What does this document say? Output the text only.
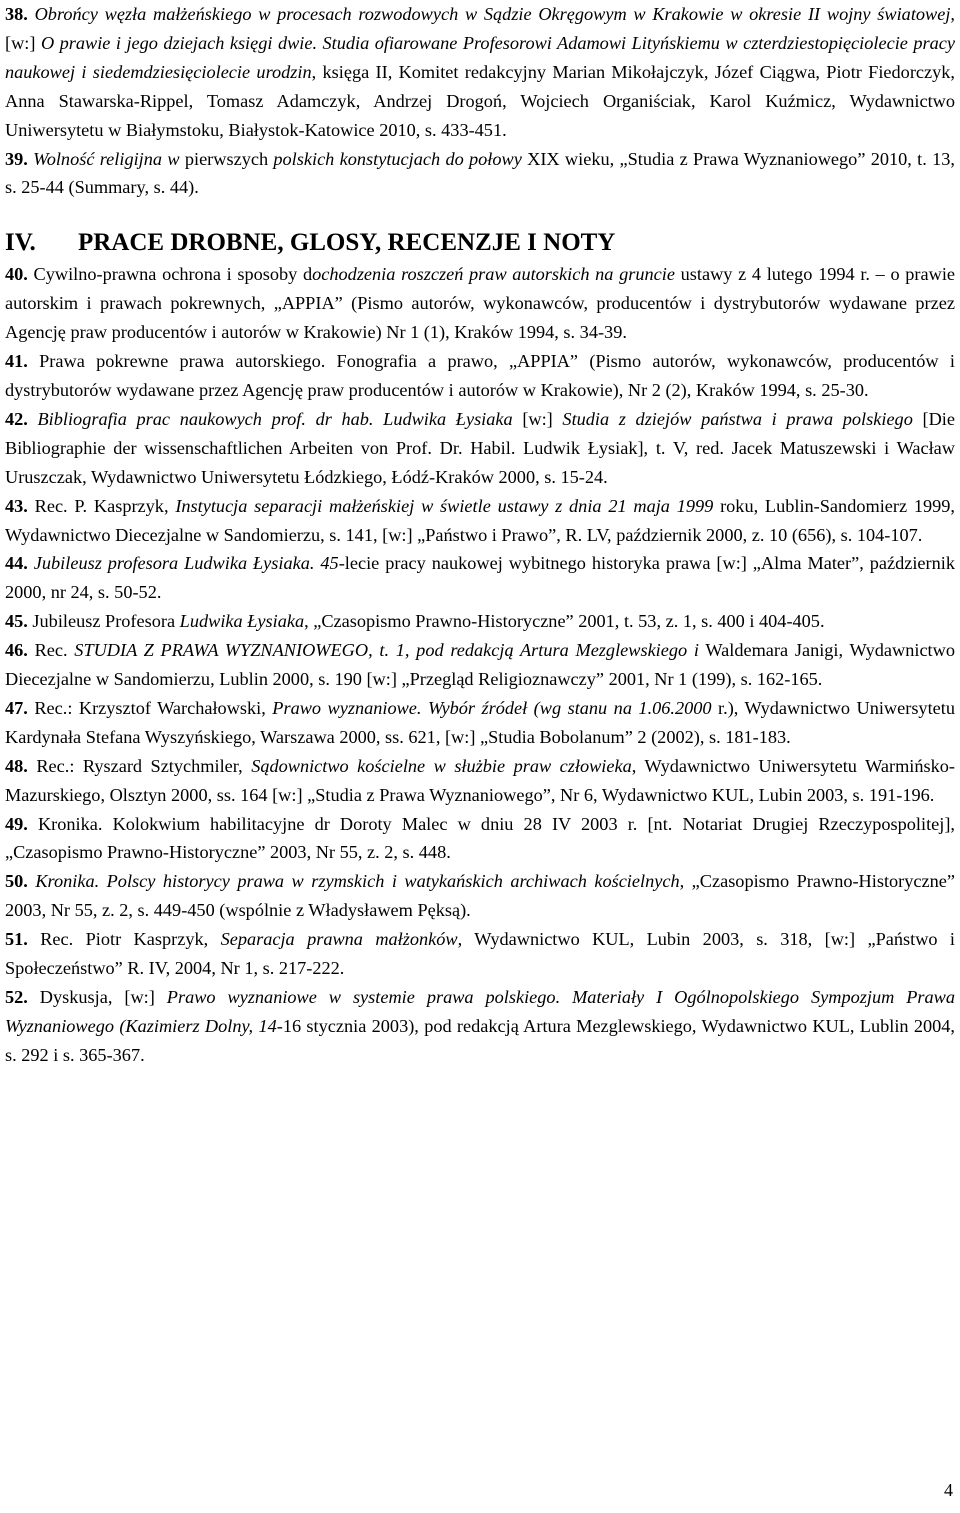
38. Obrońcy węzła małżeńskiego w procesach rozwodowych w Sądzie Okręgowym w Krakowie w okresie II wojny światowej, [w:] O prawie i jego dziejach księgi dwie. Studia ofiarowane Profesorowi Adamowi Lityńskiemu w czterdziestopięciolecie pracy naukowej i siedemdziesięciolecie urodzin, księga II, Komitet redakcyjny Marian Mikołajczyk, Józef Ciągwa, Piotr Fiedorczyk, Anna Stawarska-Rippel, Tomasz Adamczyk, Andrzej Drogoń, Wojciech Organiściak, Karol Kuźmicz, Wydawnictwo Uniwersytetu w Białymstoku, Białystok-Katowice 2010, s. 433-451.

39. Wolność religijna w pierwszych polskich konstytucjach do połowy XIX wieku, „Studia z Prawa Wyznaniowego” 2010, t. 13, s. 25-44 (Summary, s. 44).

IV. PRACE DROBNE, GLOSY, RECENZJE I NOTY

40. Cywilno-prawna ochrona i sposoby dochodzenia roszczeń praw autorskich na gruncie ustawy z 4 lutego 1994 r. – o prawie autorskim i prawach pokrewnych, „APPIA” (Pismo autorów, wykonawców, producentów i dystrybutorów wydawane przez Agencję praw producentów i autorów w Krakowie) Nr 1 (1), Kraków 1994, s. 34-39.

41. Prawa pokrewne prawa autorskiego. Fonografia a prawo, „APPIA” (Pismo autorów, wykonawców, producentów i dystrybutorów wydawane przez Agencję praw producentów i autorów w Krakowie), Nr 2 (2), Kraków 1994, s. 25-30.

42. Bibliografia prac naukowych prof. dr hab. Ludwika Łysiaka [w:] Studia z dziejów państwa i prawa polskiego [Die Bibliographie der wissenschaftlichen Arbeiten von Prof. Dr. Habil. Ludwik Łysiak], t. V, red. Jacek Matuszewski i Wacław Uruszczak, Wydawnictwo Uniwersytetu Łódzkiego, Łódź-Kraków 2000, s. 15-24.

43. Rec. P. Kasprzyk, Instytucja separacji małżeńskiej w świetle ustawy z dnia 21 maja 1999 roku, Lublin-Sandomierz 1999, Wydawnictwo Diecezjalne w Sandomierzu, s. 141, [w:] „Państwo i Prawo”, R. LV, październik 2000, z. 10 (656), s. 104-107.

44. Jubileusz profesora Ludwika Łysiaka. 45-lecie pracy naukowej wybitnego historyka prawa [w:] „Alma Mater”, październik 2000, nr 24, s. 50-52.

45. Jubileusz Profesora Ludwika Łysiaka, „Czasopismo Prawno-Historyczne” 2001, t. 53, z. 1, s. 400 i 404-405.

46. Rec. STUDIA Z PRAWA WYZNANIOWEGO, t. 1, pod redakcją Artura Mezglewskiego i Waldemara Janigi, Wydawnictwo Diecezjalne w Sandomierzu, Lublin 2000, s. 190 [w:] „Przegląd Religioznawczy” 2001, Nr 1 (199), s. 162-165.

47. Rec.: Krzysztof Warchałowski, Prawo wyznaniowe. Wybór źródeł (wg stanu na 1.06.2000 r.), Wydawnictwo Uniwersytetu Kardynała Stefana Wyszyńskiego, Warszawa 2000, ss. 621, [w:] „Studia Bobolanum” 2 (2002), s. 181-183.

48. Rec.: Ryszard Sztychmiler, Sądownictwo kościelne w służbie praw człowieka, Wydawnictwo Uniwersytetu Warmińsko-Mazurskiego, Olsztyn 2000, ss. 164 [w:] „Studia z Prawa Wyznaniowego”, Nr 6, Wydawnictwo KUL, Lubin 2003, s. 191-196.

49. Kronika. Kolokwium habilitacyjne dr Doroty Malec w dniu 28 IV 2003 r. [nt. Notariat Drugiej Rzeczypospolitej], „Czasopismo Prawno-Historyczne” 2003, Nr 55, z. 2, s. 448.

50. Kronika. Polscy historycy prawa w rzymskich i watykańskich archiwach kościelnych, „Czasopismo Prawno-Historyczne” 2003, Nr 55, z. 2, s. 449-450 (wspólnie z Władysławem Pęksą).

51. Rec. Piotr Kasprzyk, Separacja prawna małżonków, Wydawnictwo KUL, Lubin 2003, s. 318, [w:] „Państwo i Społeczeństwo” R. IV, 2004, Nr 1, s. 217-222.

52. Dyskusja, [w:] Prawo wyznaniowe w systemie prawa polskiego. Materiały I Ogólnopolskiego Sympozjum Prawa Wyznaniowego (Kazimierz Dolny, 14-16 stycznia 2003), pod redakcją Artura Mezglewskiego, Wydawnictwo KUL, Lublin 2004, s. 292 i s. 365-367.

4
